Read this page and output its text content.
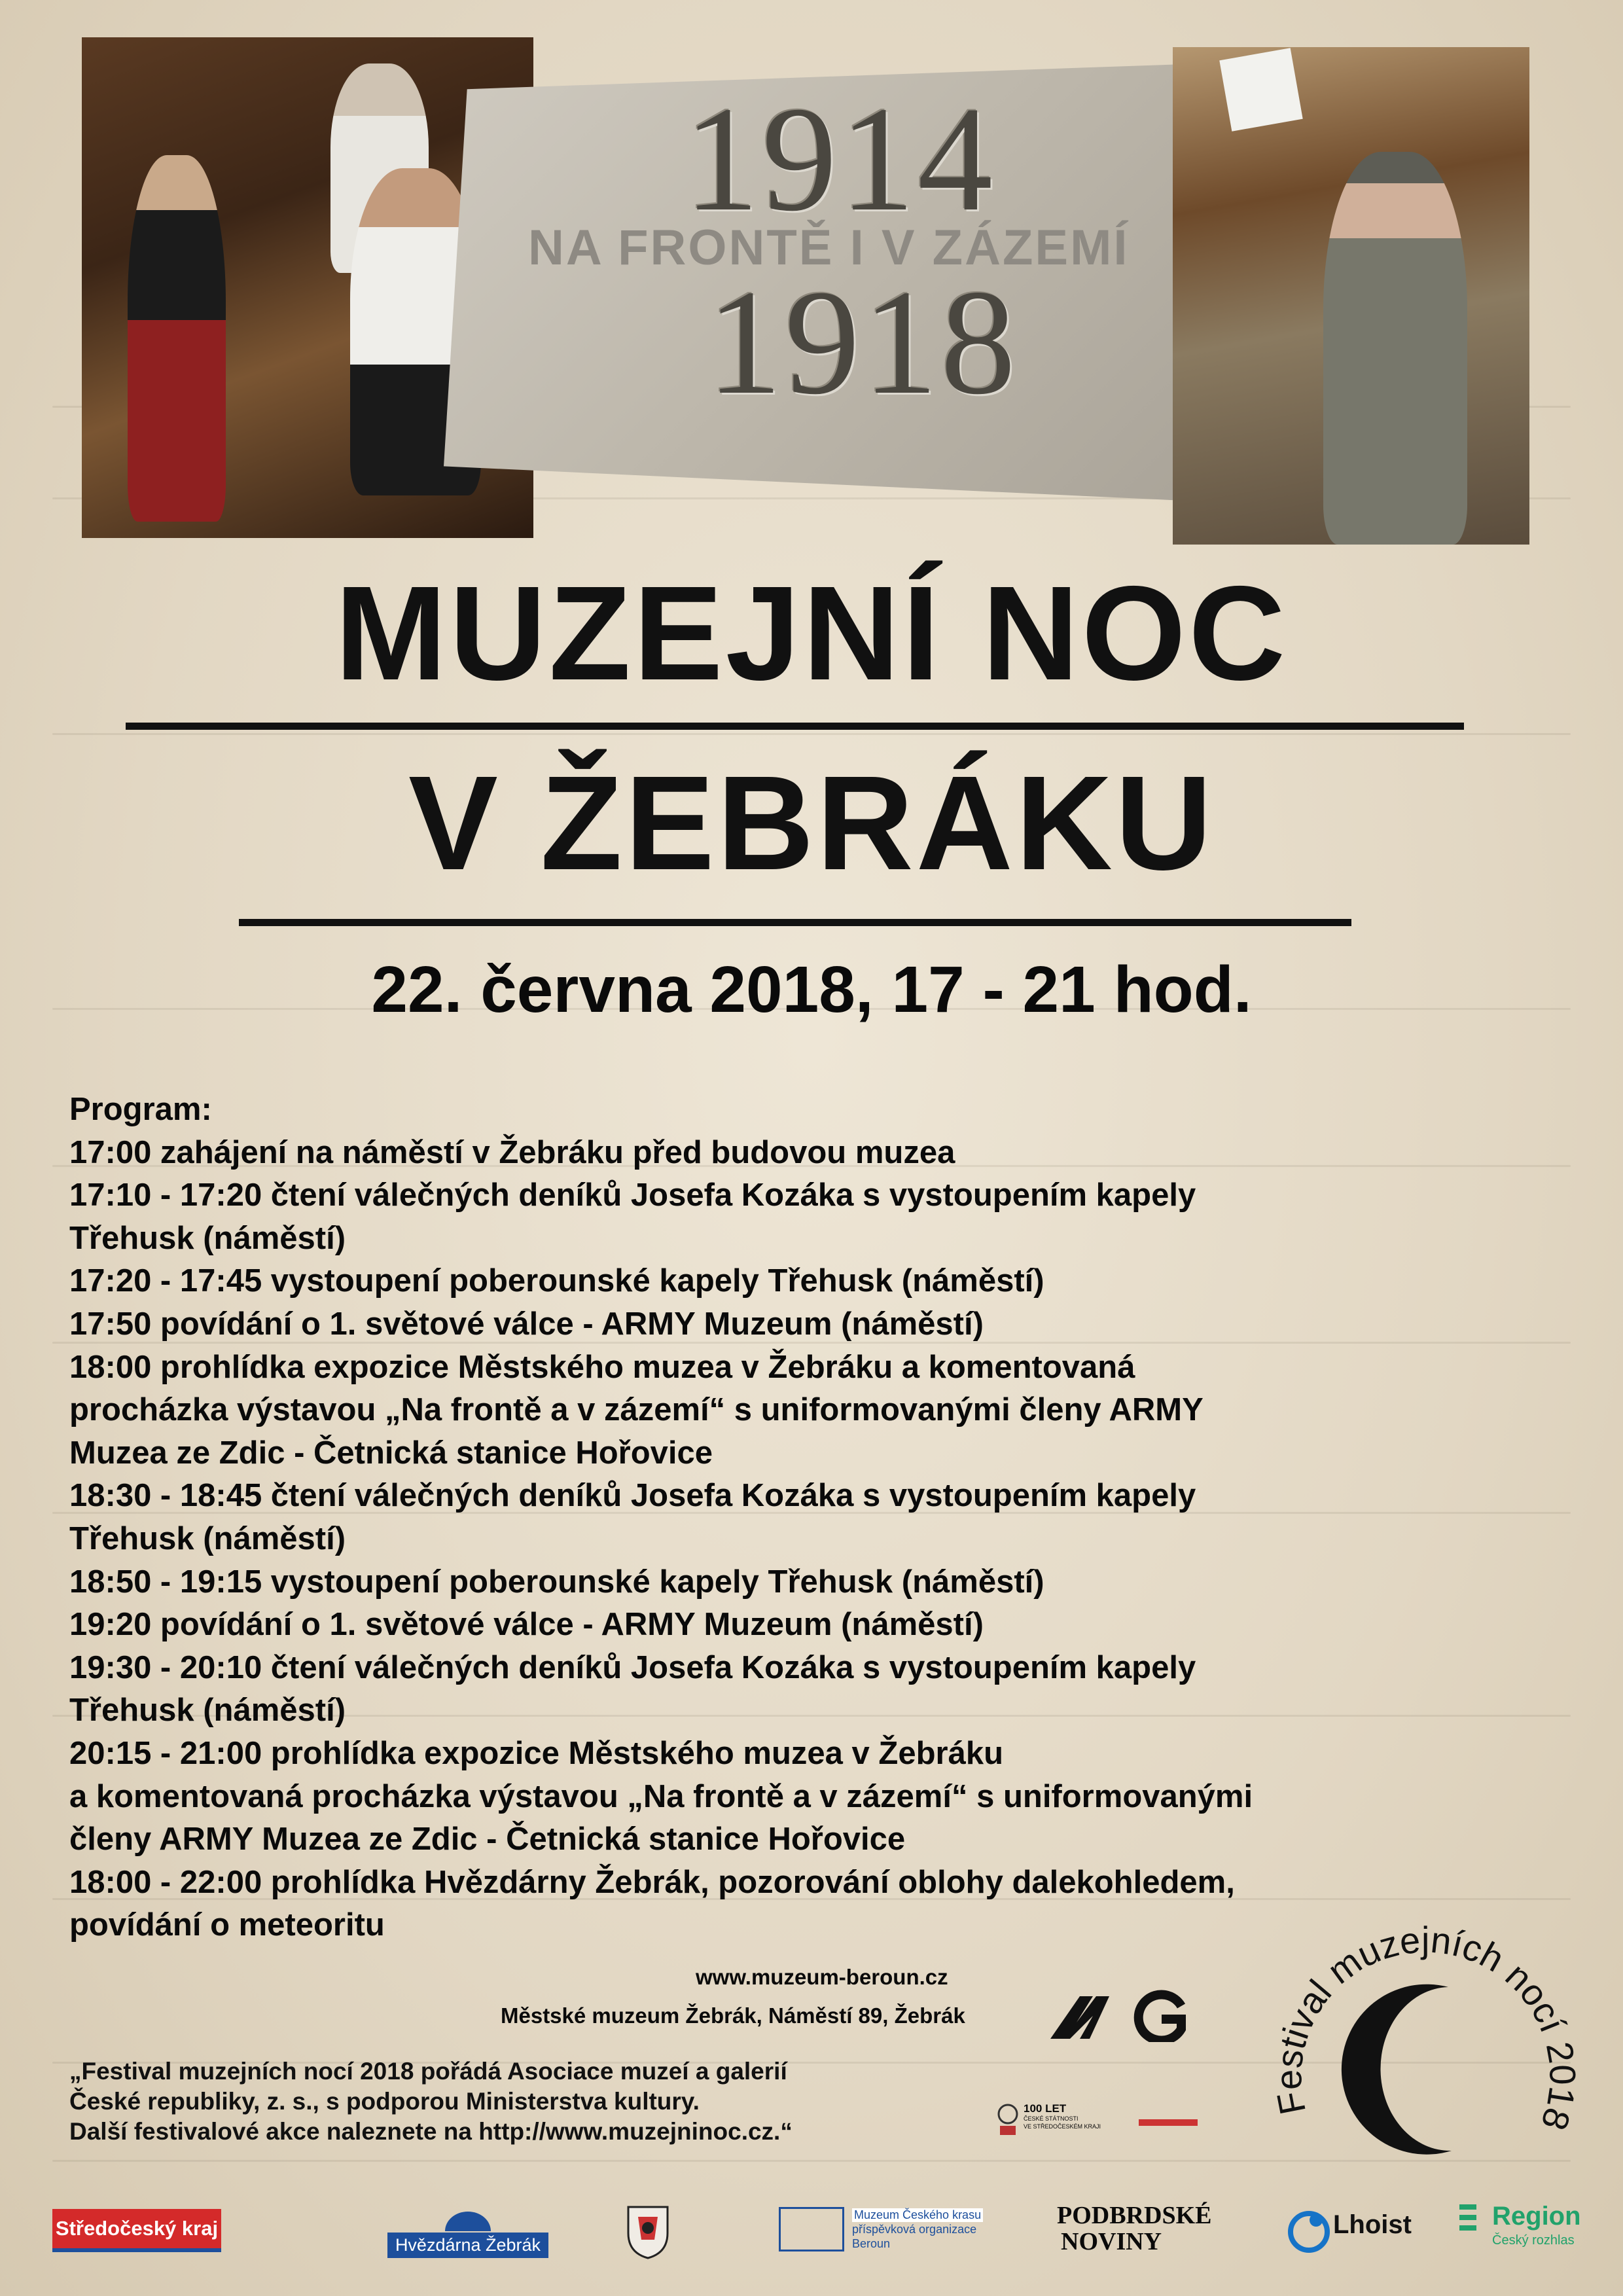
1914
1918
NA FRONTĚ I V ZÁZEMÍ
MUZEJNÍ NOC
V ŽEBRÁKU
22. června 2018, 17 - 21 hod.
Program:
17:00 zahájení na náměstí v Žebráku před budovou muzea
17:10 - 17:20 čtení válečných deníků Josefa Kozáka s vystoupením kapely
Třehusk (náměstí)
17:20 - 17:45 vystoupení poberounské kapely Třehusk (náměstí)
17:50 povídání o 1. světové válce - ARMY Muzeum (náměstí)
18:00 prohlídka expozice Městského muzea v Žebráku a komentovaná
procházka výstavou „Na frontě a v zázemí“ s uniformovanými členy ARMY
Muzea ze Zdic - Četnická stanice Hořovice
18:30 - 18:45 čtení válečných deníků Josefa Kozáka s vystoupením kapely
Třehusk (náměstí)
18:50 - 19:15 vystoupení poberounské kapely Třehusk (náměstí)
19:20 povídání o 1. světové válce - ARMY Muzeum (náměstí)
19:30 - 20:10 čtení válečných deníků Josefa Kozáka s vystoupením kapely
Třehusk (náměstí)
20:15 - 21:00 prohlídka expozice Městského muzea v Žebráku
a komentovaná procházka výstavou „Na frontě a v zázemí“ s uniformovanými
členy ARMY Muzea ze Zdic - Četnická stanice Hořovice
18:00 - 22:00 prohlídka Hvězdárny Žebrák, pozorování oblohy dalekohledem,
povídání o meteoritu
www.muzeum-beroun.cz
Městské muzeum Žebrák, Náměstí 89, Žebrák
„Festival muzejních nocí 2018 pořádá Asociace muzeí a galerií
České republiky, z. s., s podporou Ministerstva kultury.
Další festivalové akce naleznete na http://www.muzejninoc.cz.“
100 LET
ČESKÉ STÁTNOSTI
VE STŘEDOČESKÉM KRAJI
Festival muzejních nocí 2018
Středočeský kraj
Hvězdárna Žebrák
Muzeum Českého krasu
příspěvková organizace
Beroun
PODBRDSKÉ
NOVINY
Lhoist	Region
Český rozhlas
